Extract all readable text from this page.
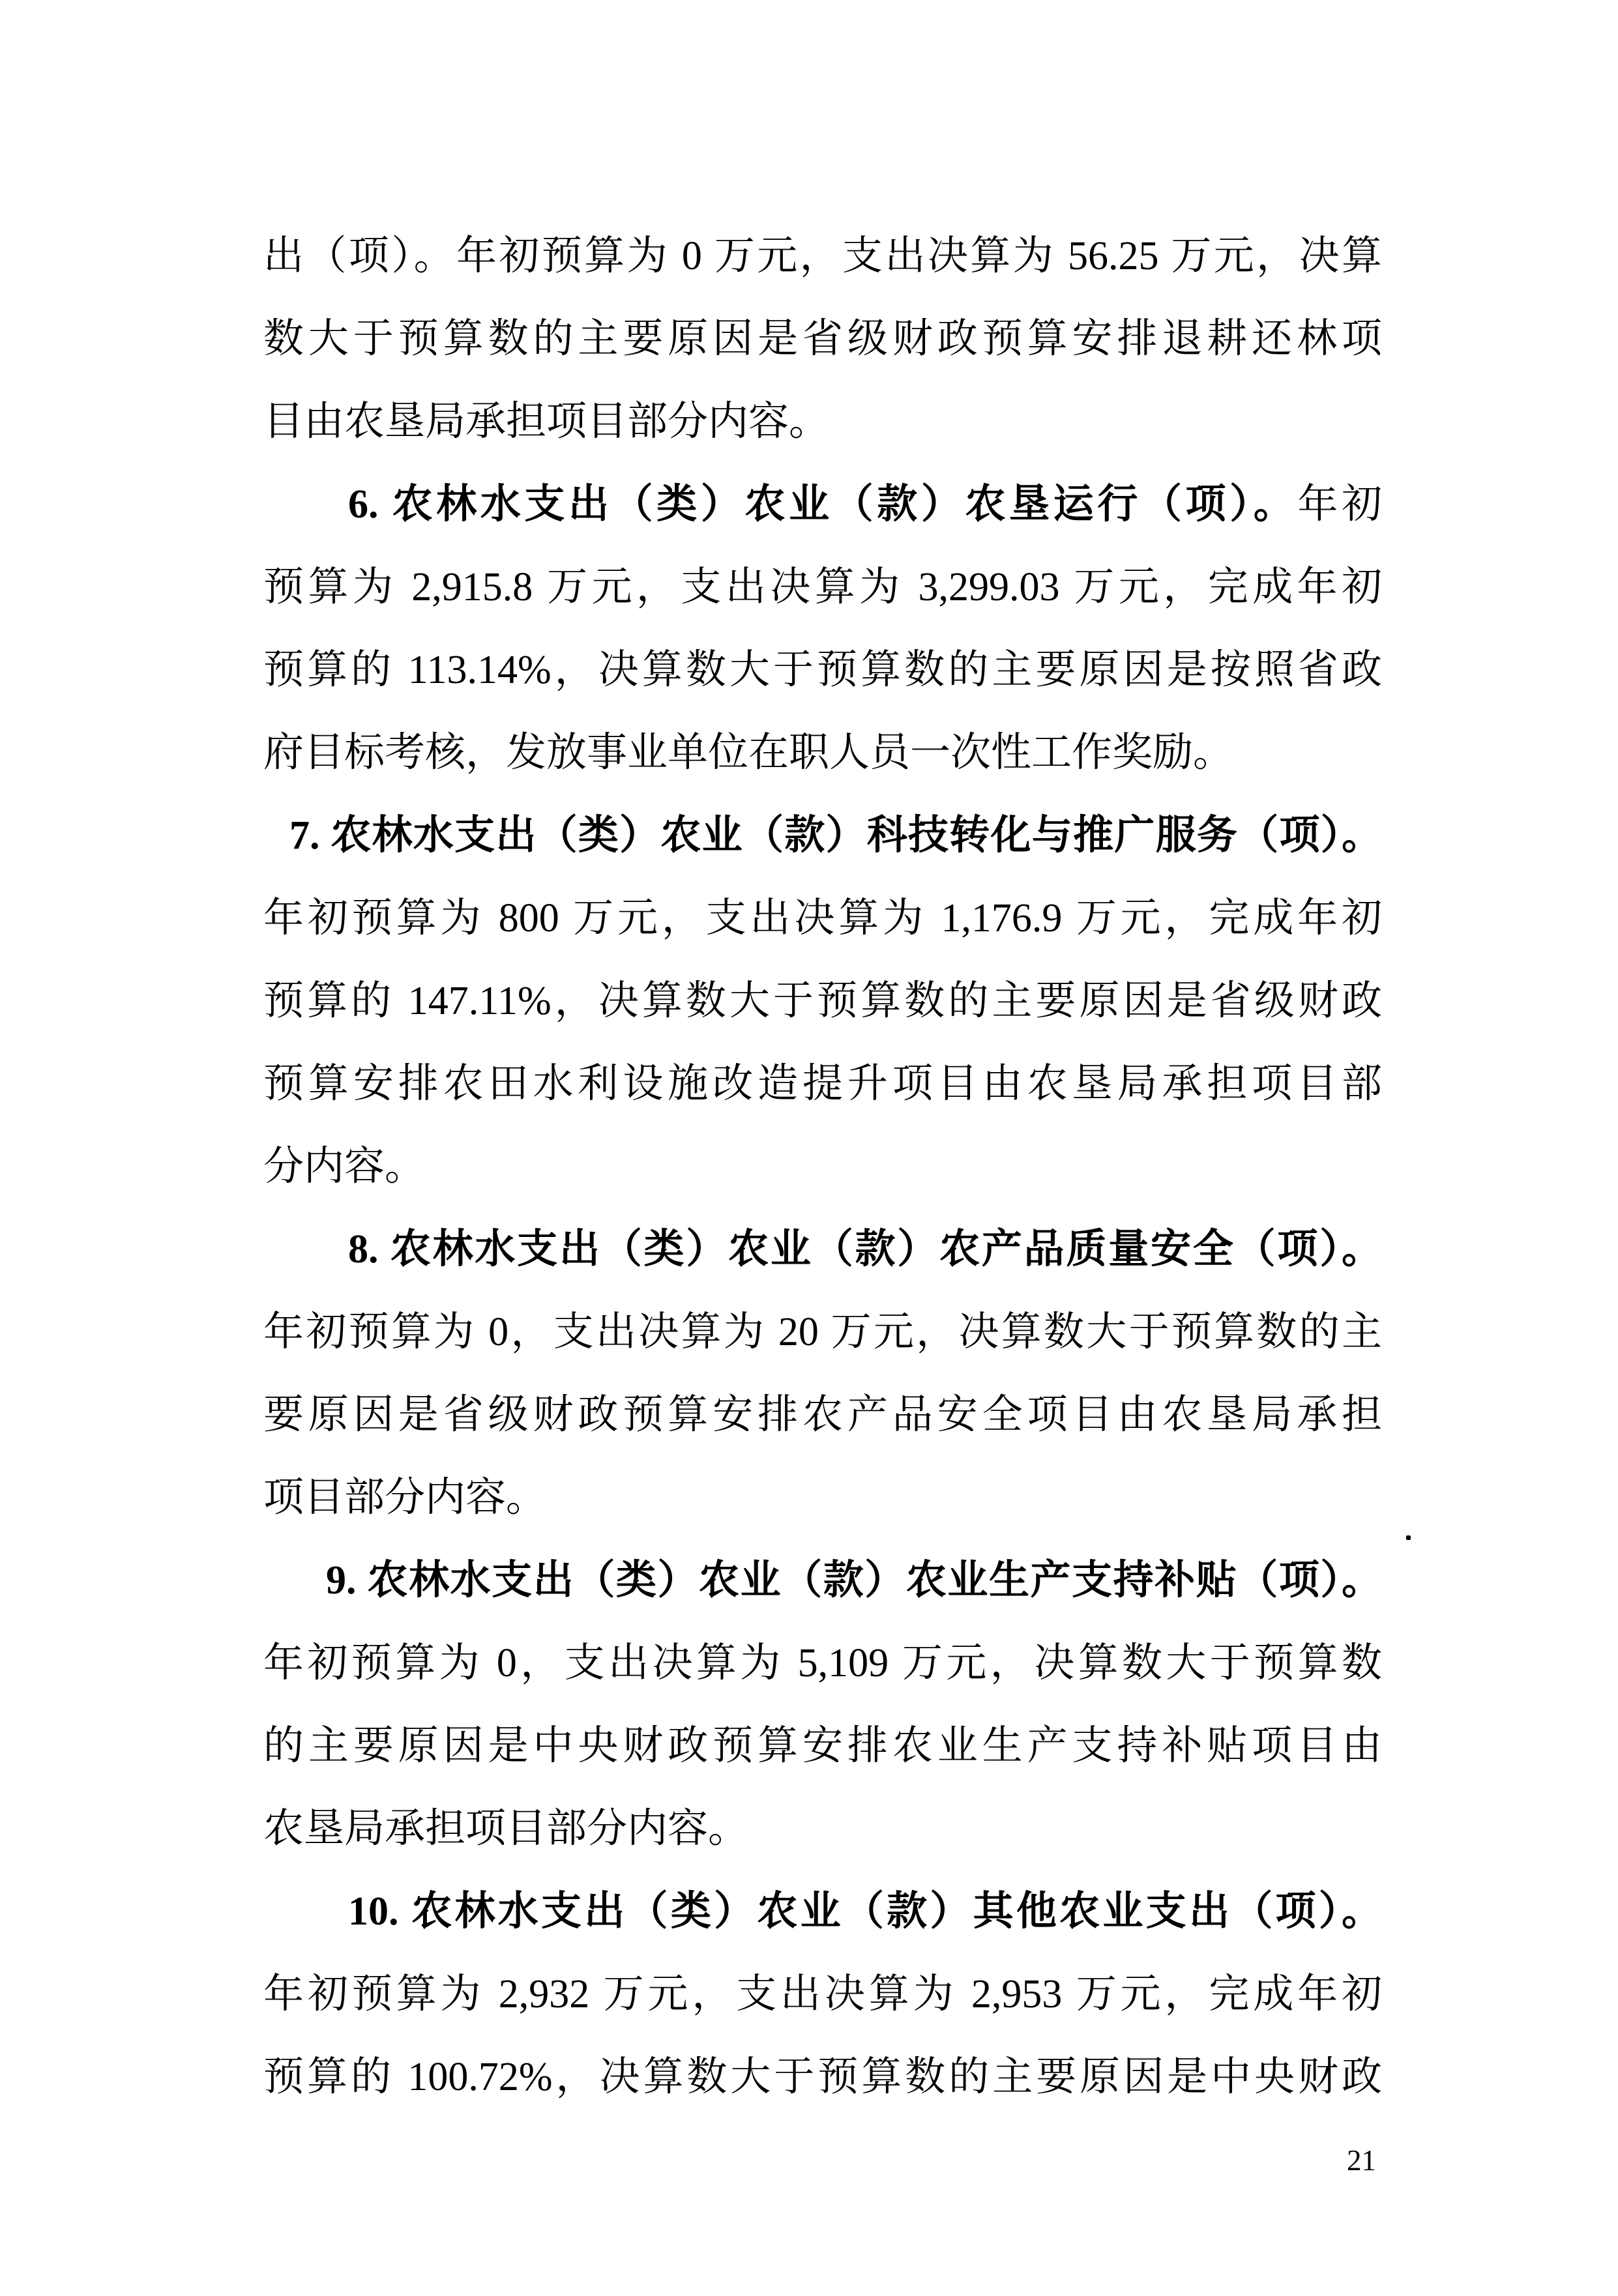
出（项）。年初预算为 0 万元，支出决算为 56.25 万元，决算
数大于预算数的主要原因是省级财政预算安排退耕还林项
目由农垦局承担项目部分内容。
6. 农林水支出（类）农业（款）农垦运行（项）。年初
预算为 2,915.8 万元，支出决算为 3,299.03 万元，完成年初
预算的 113.14%，决算数大于预算数的主要原因是按照省政
府目标考核，发放事业单位在职人员一次性工作奖励。
7. 农林水支出（类）农业（款）科技转化与推广服务（项）。
年初预算为 800 万元，支出决算为 1,176.9 万元，完成年初
预算的 147.11%，决算数大于预算数的主要原因是省级财政
预算安排农田水利设施改造提升项目由农垦局承担项目部
分内容。
8. 农林水支出（类）农业（款）农产品质量安全（项）。
年初预算为 0，支出决算为 20 万元，决算数大于预算数的主
要原因是省级财政预算安排农产品安全项目由农垦局承担
项目部分内容。
9. 农林水支出（类）农业（款）农业生产支持补贴（项）。
年初预算为 0，支出决算为 5,109 万元，决算数大于预算数
的主要原因是中央财政预算安排农业生产支持补贴项目由
农垦局承担项目部分内容。
10. 农林水支出（类）农业（款）其他农业支出（项）。
年初预算为 2,932 万元，支出决算为 2,953 万元，完成年初
预算的 100.72%，决算数大于预算数的主要原因是中央财政
21
